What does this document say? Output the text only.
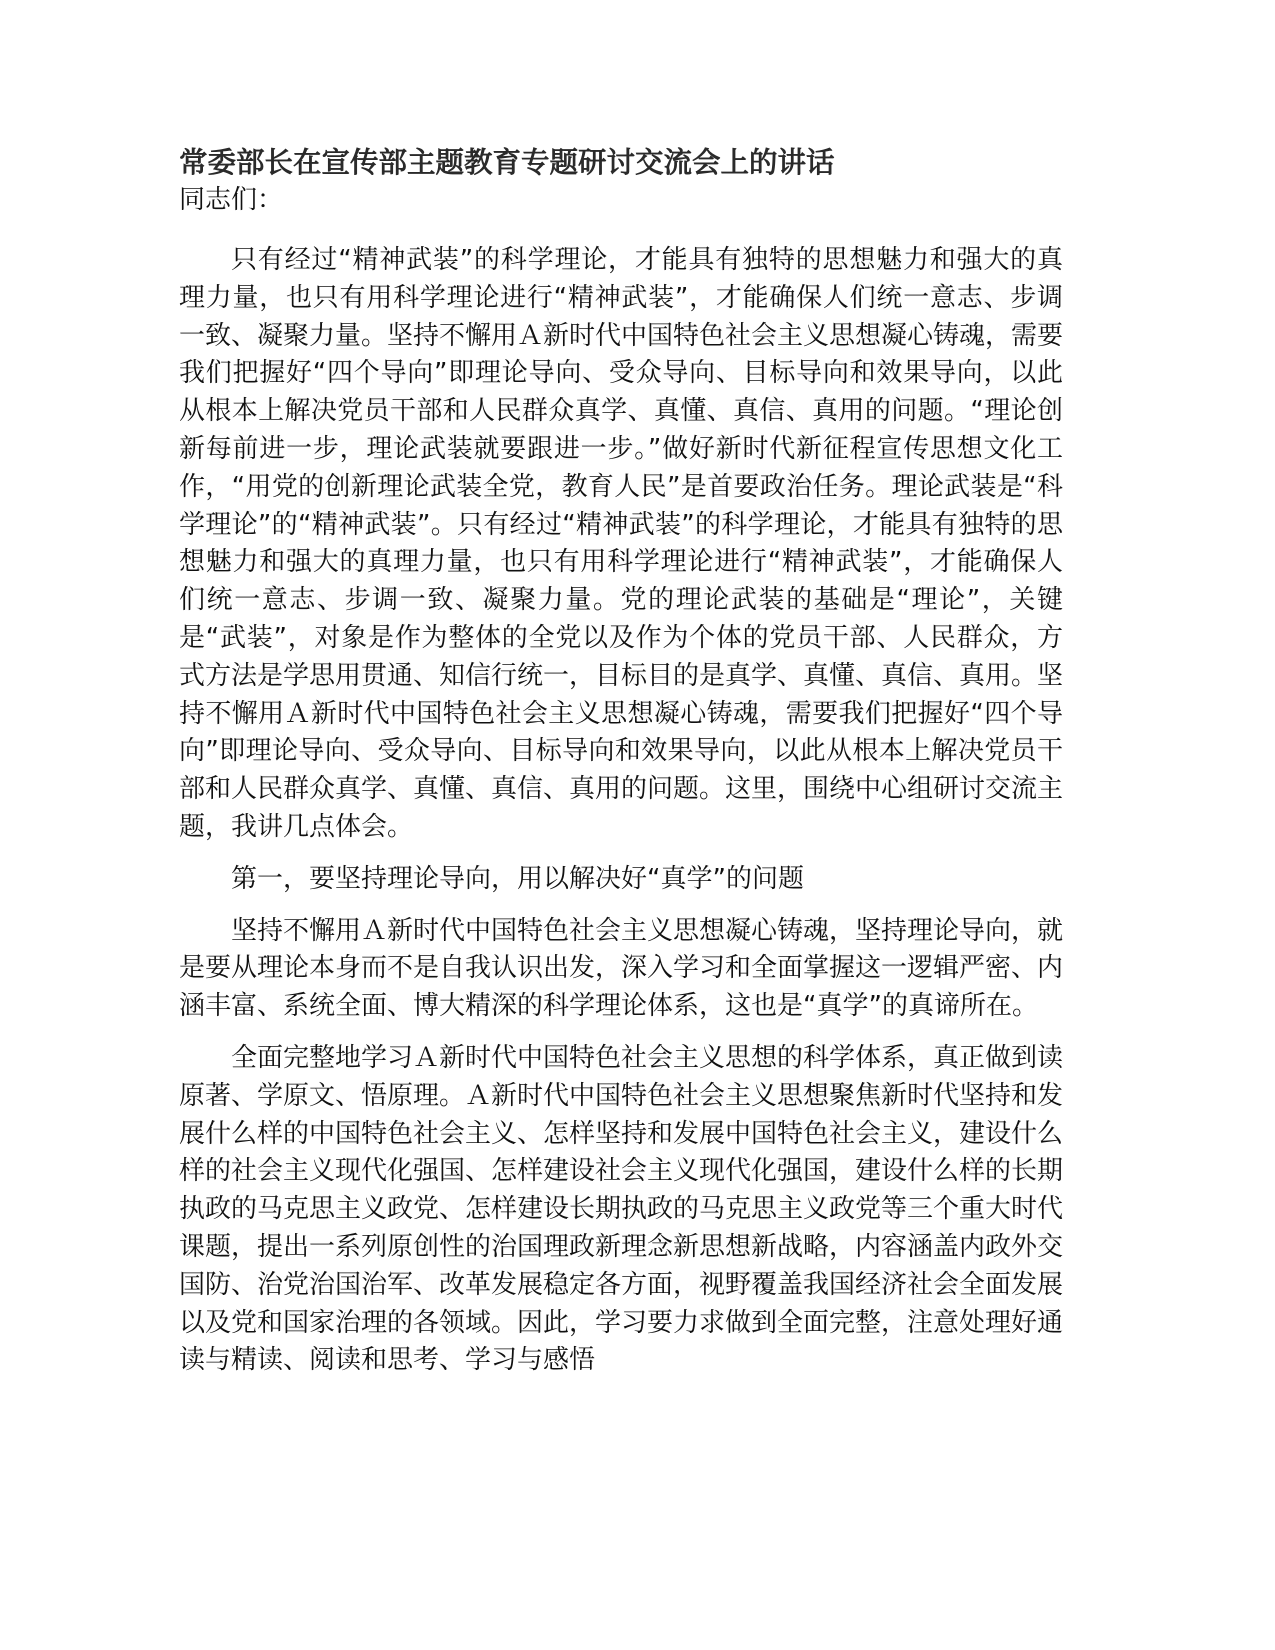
常委部长在宣传部主题教育专题研讨交流会上的讲话

同志们：

只有经过“精神武装”的科学理论，才能具有独特的思想魅力和强大的真理力量，也只有用科学理论进行“精神武装”，才能确保人们统一意志、步调一致、凝聚力量。坚持不懈用Ａ新时代中国特色社会主义思想凝心铸魂，需要我们把握好“四个导向”即理论导向、受众导向、目标导向和效果导向，以此从根本上解决党员干部和人民群众真学、真懂、真信、真用的问题。“理论创新每前进一步，理论武装就要跟进一步。”做好新时代新征程宣传思想文化工作，“用党的创新理论武装全党，教育人民”是首要政治任务。理论武装是“科学理论”的“精神武装”。只有经过“精神武装”的科学理论，才能具有独特的思想魅力和强大的真理力量，也只有用科学理论进行“精神武装”，才能确保人们统一意志、步调一致、凝聚力量。党的理论武装的基础是“理论”，关键是“武装”，对象是作为整体的全党以及作为个体的党员干部、人民群众，方式方法是学思用贯通、知信行统一，目标目的是真学、真懂、真信、真用。坚持不懈用Ａ新时代中国特色社会主义思想凝心铸魂，需要我们把握好“四个导向”即理论导向、受众导向、目标导向和效果导向，以此从根本上解决党员干部和人民群众真学、真懂、真信、真用的问题。这里，围绕中心组研讨交流主题，我讲几点体会。

第一，要坚持理论导向，用以解决好“真学”的问题

坚持不懈用Ａ新时代中国特色社会主义思想凝心铸魂，坚持理论导向，就是要从理论本身而不是自我认识出发，深入学习和全面掌握这一逻辑严密、内涵丰富、系统全面、博大精深的科学理论体系，这也是“真学”的真谛所在。

全面完整地学习Ａ新时代中国特色社会主义思想的科学体系，真正做到读原著、学原文、悟原理。Ａ新时代中国特色社会主义思想聚焦新时代坚持和发展什么样的中国特色社会主义、怎样坚持和发展中国特色社会主义，建设什么样的社会主义现代化强国、怎样建设社会主义现代化强国，建设什么样的长期执政的马克思主义政党、怎样建设长期执政的马克思主义政党等三个重大时代课题，提出一系列原创性的治国理政新理念新思想新战略，内容涵盖内政外交国防、治党治国治军、改革发展稳定各方面，视野覆盖我国经济社会全面发展以及党和国家治理的各领域。因此，学习要力求做到全面完整，注意处理好通读与精读、阅读和思考、学习与感悟
